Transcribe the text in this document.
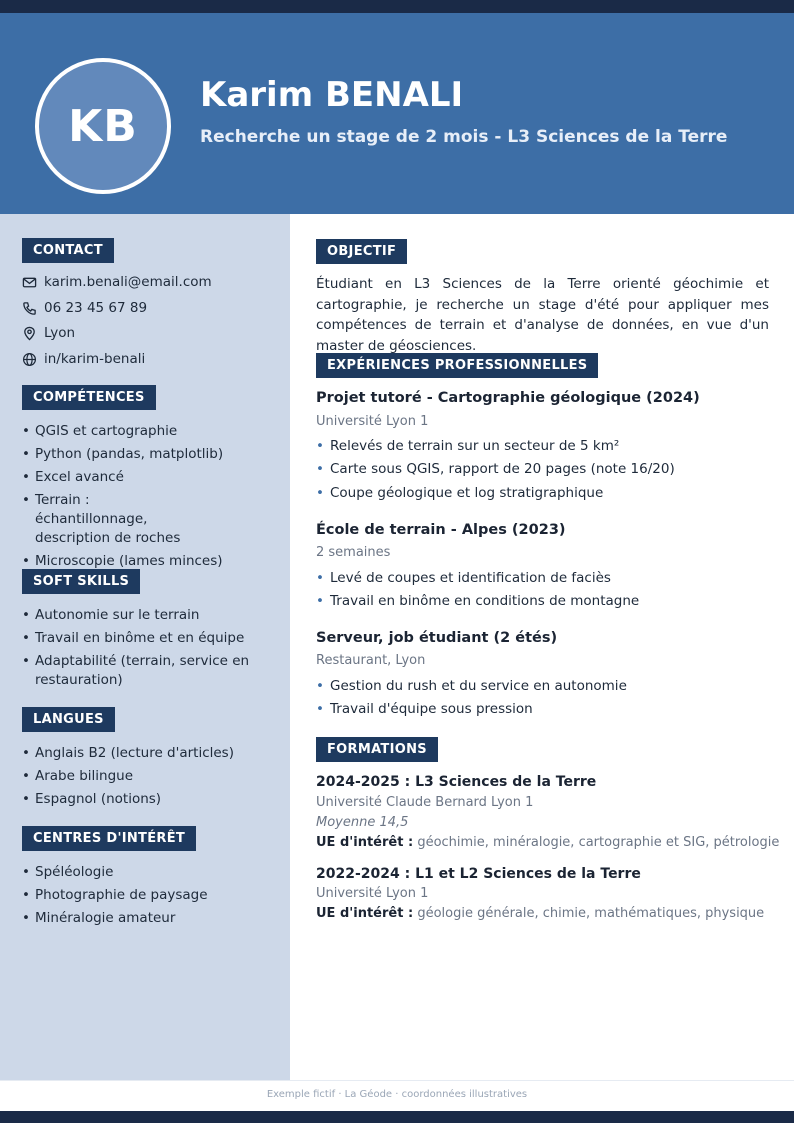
KB
Karim BENALI
Recherche un stage de 2 mois - L3 Sciences de la Terre
CONTACT
karim.benali@email.com
06 23 45 67 89
Lyon
in/karim-benali
COMPÉTENCES
• QGIS et cartographie
• Python (pandas, matplotlib)
• Excel avancé
• Terrain : échantillonnage, description de roches
• Microscopie (lames minces)
SOFT SKILLS
• Autonomie sur le terrain
• Travail en binôme et en équipe
• Adaptabilité (terrain, service en restauration)
LANGUES
• Anglais B2 (lecture d'articles)
• Arabe bilingue
• Espagnol (notions)
CENTRES D'INTÉRÊT
• Spéléologie
• Photographie de paysage
• Minéralogie amateur
OBJECTIF
Étudiant en L3 Sciences de la Terre orienté géochimie et cartographie, je recherche un stage d'été pour appliquer mes compétences de terrain et d'analyse de données, en vue d'un master de géosciences.
EXPÉRIENCES PROFESSIONNELLES
Projet tutoré - Cartographie géologique (2024)
Université Lyon 1
• Relevés de terrain sur un secteur de 5 km²
• Carte sous QGIS, rapport de 20 pages (note 16/20)
• Coupe géologique et log stratigraphique
École de terrain - Alpes (2023)
2 semaines
• Levé de coupes et identification de faciès
• Travail en binôme en conditions de montagne
Serveur, job étudiant (2 étés)
Restaurant, Lyon
• Gestion du rush et du service en autonomie
• Travail d'équipe sous pression
FORMATIONS
2024-2025 : L3 Sciences de la Terre
Université Claude Bernard Lyon 1
Moyenne 14,5
UE d'intérêt : géochimie, minéralogie, cartographie et SIG, pétrologie
2022-2024 : L1 et L2 Sciences de la Terre
Université Lyon 1
UE d'intérêt : géologie générale, chimie, mathématiques, physique
Exemple fictif · La Géode · coordonnées illustratives
